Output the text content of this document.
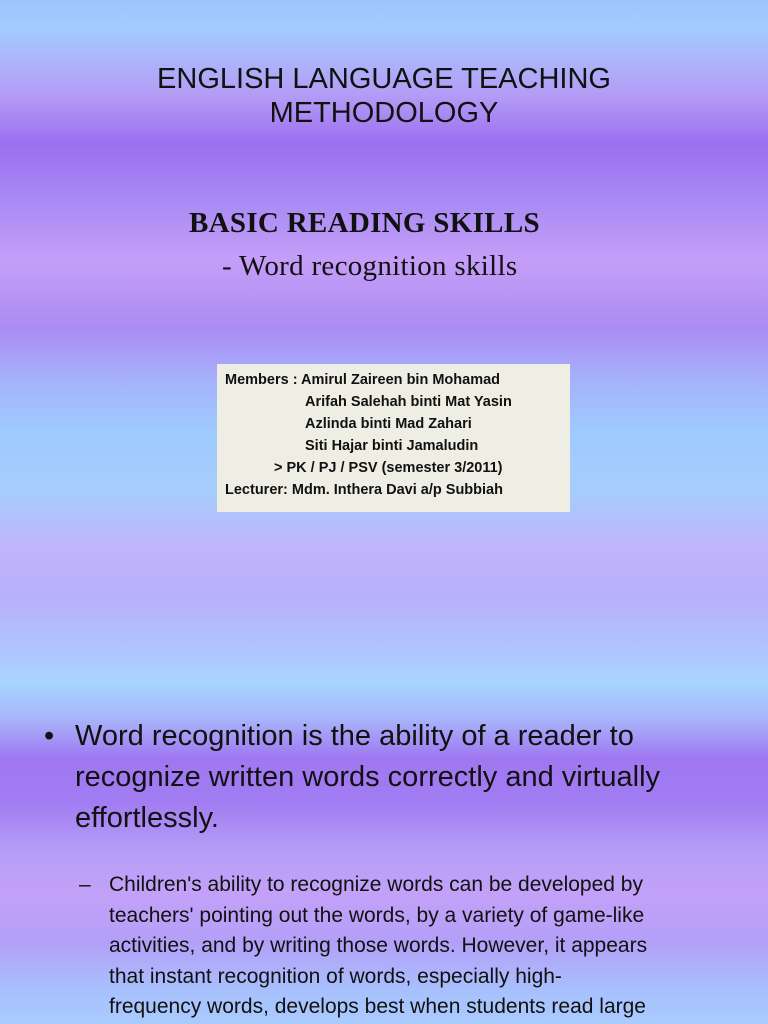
ENGLISH LANGUAGE TEACHING
METHODOLOGY
BASIC READING SKILLS
- Word recognition skills
Members : Amirul Zaireen bin Mohamad
Arifah Salehah binti Mat Yasin
Azlinda binti Mad Zahari
Siti Hajar binti Jamaludin
> PK / PJ / PSV (semester 3/2011)
Lecturer: Mdm. Inthera Davi a/p Subbiah
• Word recognition is the ability of a reader to
recognize written words correctly and virtually
effortlessly.
– Children's ability to recognize words can be developed by
teachers' pointing out the words, by a variety of game-like
activities, and by writing those words. However, it appears
that instant recognition of words, especially high-
frequency words, develops best when students read large
